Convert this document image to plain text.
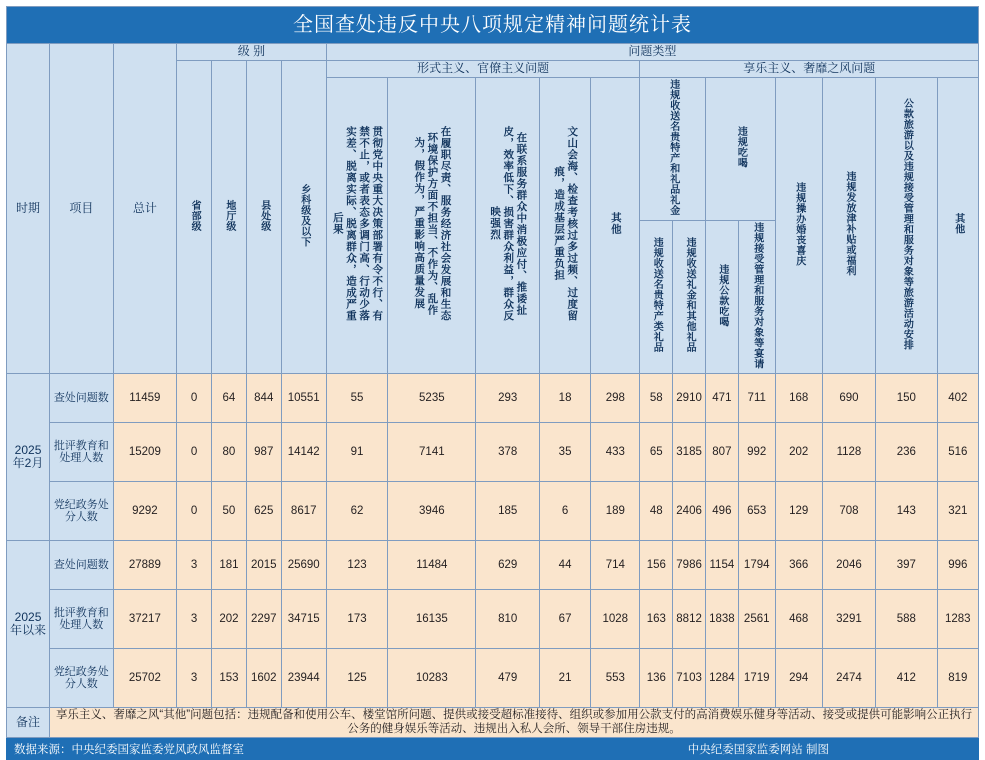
全国查处违反中央八项规定精神问题统计表																			
时期	项目	总计	级 别				问题类型												
			省部级	地厅级	县处级	乡科级及以下	形式主义、官僚主义问题					享乐主义、奢靡之风问题							
							贯彻党中央重大决策部署有令不行、有禁不止，或者表态多调门高、行动少落实差、脱离实际、脱离群众，造成严重后果	在履职尽责、服务经济社会发展和生态环境保护方面不担当、不作为、乱作为，假作为，严重影响高质量发展	在联系服务群众中消极应付、推诿扯皮，效率低下、损害群众利益，群众反映强烈	文山会海、检查考核过多过频、过度留痕，造成基层严重负担	其他	违规收送名贵特产和礼品礼金		违规吃喝		违规操办婚丧喜庆	违规发放津补贴或福利	公款旅游以及违规接受管理和服务对象等旅游活动安排	其他
												违规收送名贵特产类礼品	违规收送礼金和其他礼品	违规公款吃喝	违规接受管理和服务对象等宴请				
2025年2月	查处问题数	11459	0	64	844	10551	55	5235	293	18	298	58	2910	471	711	168	690	150	402
	批评教育和处理人数	15209	0	80	987	14142	91	7141	378	35	433	65	3185	807	992	202	1128	236	516
	党纪政务处分人数	9292	0	50	625	8617	62	3946	185	6	189	48	2406	496	653	129	708	143	321
2025年以来	查处问题数	27889	3	181	2015	25690	123	11484	629	44	714	156	7986	1154	1794	366	2046	397	996
	批评教育和处理人数	37217	3	202	2297	34715	173	16135	810	67	1028	163	8812	1838	2561	468	3291	588	1283
	党纪政务处分人数	25702	3	153	1602	23944	125	10283	479	21	553	136	7103	1284	1719	294	2474	412	819
备注	享乐主义、奢靡之风“其他”问题包括：违规配备和使用公车、楼堂馆所问题、提供或接受超标准接待、组织或参加用公款支付的高消费娱乐健身等活动、接受或提供可能影响公正执行公务的健身娱乐等活动、违规出入私人会所、领导干部住房违规。																		
数据来源：中央纪委国家监委党风政风监督室	中央纪委国家监委网站 制图
